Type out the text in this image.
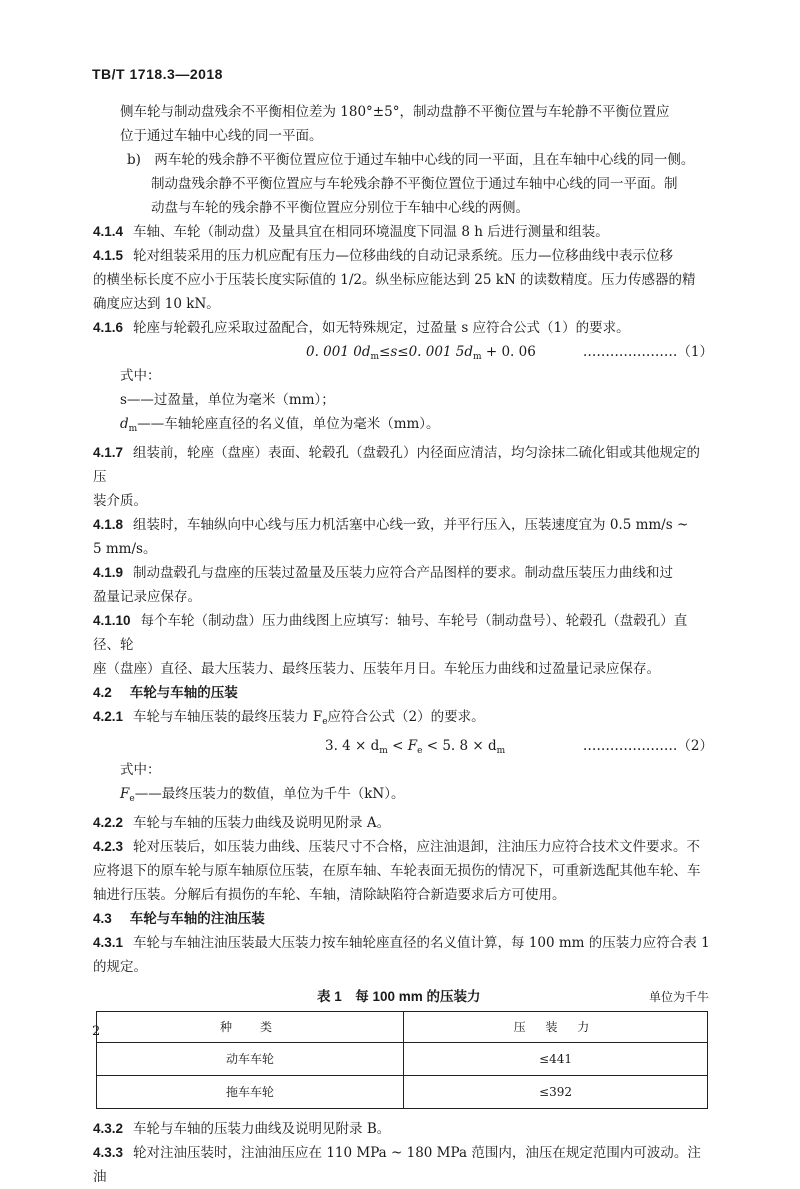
TB/T 1718.3—2018

侧车轮与制动盘残余不平衡相位差为 180°±5°，制动盘静不平衡位置与车轮静不平衡位置应

位于通过车轴中心线的同一平面。

b)　 两车轮的残余静不平衡位置应位于通过车轴中心线的同一平面，且在车轴中心线的同一侧。

制动盘残余静不平衡位置应与车轮残余静不平衡位置位于通过车轴中心线的同一平面。制

动盘与车轮的残余静不平衡位置应分别位于车轴中心线的两侧。

4.1.4 车轴、车轮（制动盘）及量具宜在相同环境温度下同温 8 h 后进行测量和组装。

4.1.5 轮对组装采用的压力机应配有压力—位移曲线的自动记录系统。压力—位移曲线中表示位移

的横坐标长度不应小于压装长度实际值的 1/2。纵坐标应能达到 25 kN 的读数精度。压力传感器的精

确度应达到 10 kN。

4.1.6 轮座与轮毂孔应采取过盈配合，如无特殊规定，过盈量 s 应符合公式（1）的要求。

0. 001 $0d_m\le s\le 0$. 001 $5d_m + 0$. 06	…………………（1）

式中：

s——过盈量，单位为毫米（mm）；

$d_m——$车轴轮座直径的名义值，单位为毫米（mm）。

4.1.7 组装前，轮座（盘座）表面、轮毂孔（盘毂孔）内径面应清洁，均匀涂抹二硫化钼或其他规定的压

装介质。

4.1.8 组装时，车轴纵向中心线与压力机活塞中心线一致，并平行压入，压装速度宜为 0.5 mm/s ~

5 mm/s。

4.1.9 制动盘毂孔与盘座的压装过盈量及压装力应符合产品图样的要求。制动盘压装压力曲线和过

盈量记录应保存。

4.1.10 每个车轮（制动盘）压力曲线图上应填写：轴号、车轮号（制动盘号）、轮毂孔（盘毂孔）直径、轮

座（盘座）直径、最大压装力、最终压装力、压装年月日。车轮压力曲线和过盈量记录应保存。

4.2 车轮与车轴的压装

4.2.1 车轮与车轴压装的最终压装力 $F_e$应符合公式（2）的要求。

3. $4 \times d_m < F_e < 5$. $8 \times d_m$	…………………（2）

式中：

$F_e——$最终压装力的数值，单位为千牛（kN）。

4.2.2 车轮与车轴的压装力曲线及说明见附录 A。

4.2.3 轮对压装后，如压装力曲线、压装尺寸不合格，应注油退卸，注油压力应符合技术文件要求。不

应将退下的原车轮与原车轴原位压装，在原车轴、车轮表面无损伤的情况下，可重新选配其他车轮、车

轴进行压装。分解后有损伤的车轮、车轴，清除缺陷符合新造要求后方可使用。

4.3 车轮与车轴的注油压装

4.3.1 车轮与车轴注油压装最大压装力按车轴轮座直径的名义值计算，每 100 mm 的压装力应符合表 1

的规定。

表 1　每 100 mm 的压装力	单位为千牛
种　类	压 装 力
动车车轮	≤441
拖车车轮	≤392

4.3.2 车轮与车轴的压装力曲线及说明见附录 B。

4.3.3 轮对注油压装时，注油油压应在 110 MPa ~ 180 MPa 范围内，油压在规定范围内可波动。注油

2
